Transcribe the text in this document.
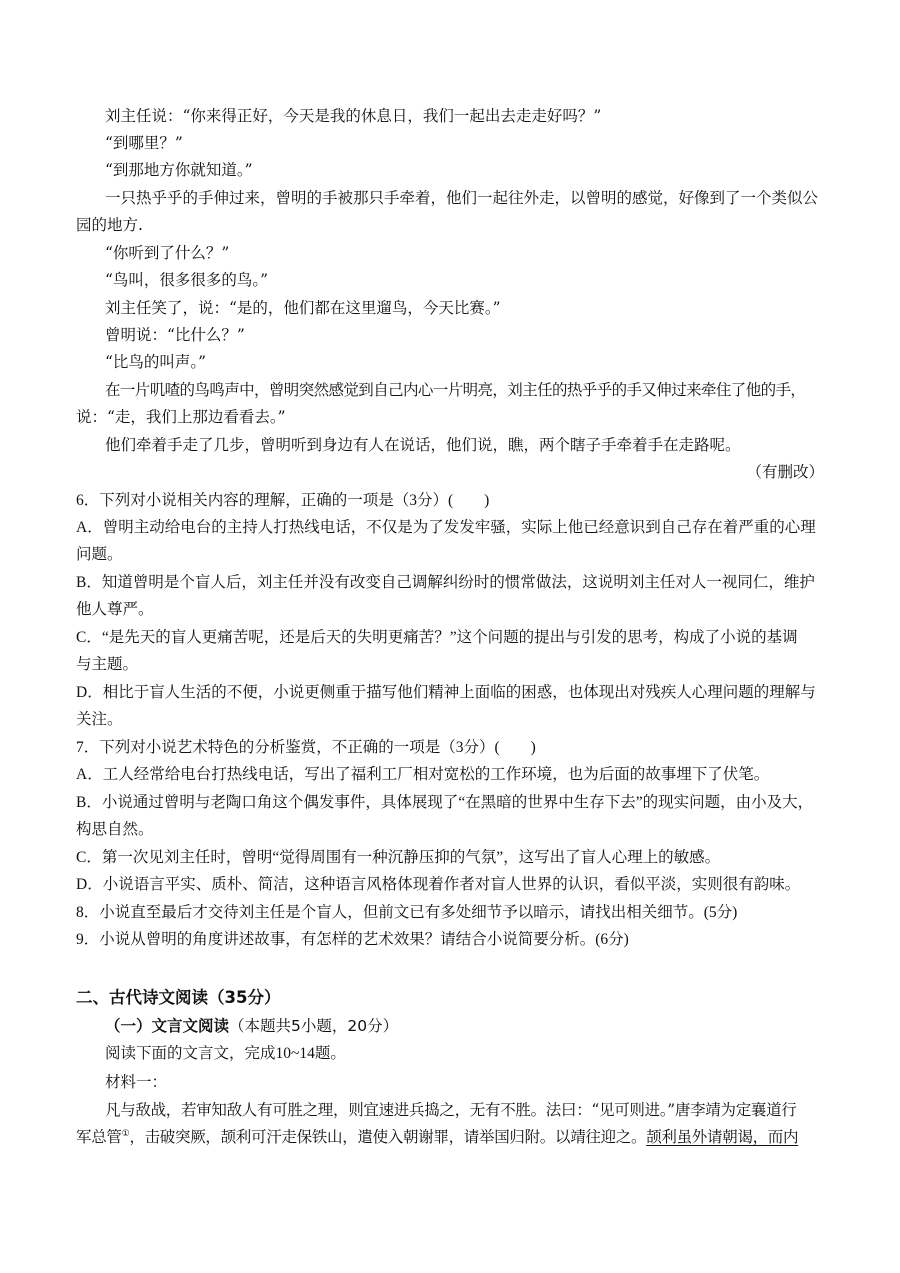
刘主任说：“你来得正好，今天是我的休息日，我们一起出去走走好吗？”
“到哪里？”
“到那地方你就知道。”
一只热乎乎的手伸过来，曾明的手被那只手牵着，他们一起往外走，以曾明的感觉，好像到了一个类似公
园的地方.
“你听到了什么？”
“鸟叫，很多很多的鸟。”
刘主任笑了，说：“是的，他们都在这里遛鸟，今天比赛。”
曾明说：“比什么？”
“比鸟的叫声。”
在一片叽喳的鸟鸣声中，曾明突然感觉到自己内心一片明亮，刘主任的热乎乎的手又伸过来牵住了他的手，
说：“走，我们上那边看看去。”
他们牵着手走了几步，曾明听到身边有人在说话，他们说，瞧，两个瞎子手牵着手在走路呢。
（有删改）
6．下列对小说相关内容的理解，正确的一项是（3分）(　　)
A．曾明主动给电台的主持人打热线电话，不仅是为了发发牢骚，实际上他已经意识到自己存在着严重的心理
问题。
B．知道曾明是个盲人后，刘主任并没有改变自己调解纠纷时的惯常做法，这说明刘主任对人一视同仁，维护
他人尊严。
C．“是先天的盲人更痛苦呢，还是后天的失明更痛苦？”这个问题的提出与引发的思考，构成了小说的基调
与主题。
D．相比于盲人生活的不便，小说更侧重于描写他们精神上面临的困惑，也体现出对残疾人心理问题的理解与
关注。
7．下列对小说艺术特色的分析鉴赏，不正确的一项是（3分）(　　)
A．工人经常给电台打热线电话，写出了福利工厂相对宽松的工作环境，也为后面的故事埋下了伏笔。
B．小说通过曾明与老陶口角这个偶发事件，具体展现了“在黑暗的世界中生存下去”的现实问题，由小及大，
构思自然。
C．第一次见刘主任时，曾明“觉得周围有一种沉静压抑的气氛”，这写出了盲人心理上的敏感。
D．小说语言平实、质朴、简洁，这种语言风格体现着作者对盲人世界的认识，看似平淡，实则很有韵味。
8．小说直至最后才交待刘主任是个盲人，但前文已有多处细节予以暗示，请找出相关细节。(5分)
9．小说从曾明的角度讲述故事，有怎样的艺术效果？请结合小说简要分析。(6分)
二、古代诗文阅读（35分）
（一）文言文阅读（本题共5小题，20分）
阅读下面的文言文，完成10~14题。
材料一：
凡与敌战，若审知敌人有可胜之理，则宜速进兵捣之，无有不胜。法曰：“见可则进。”唐李靖为定襄道行
军总管①，击破突厥，颉利可汗走保铁山，遣使入朝谢罪，请举国归附。以靖往迎之。颉利虽外请朝谒，而内
